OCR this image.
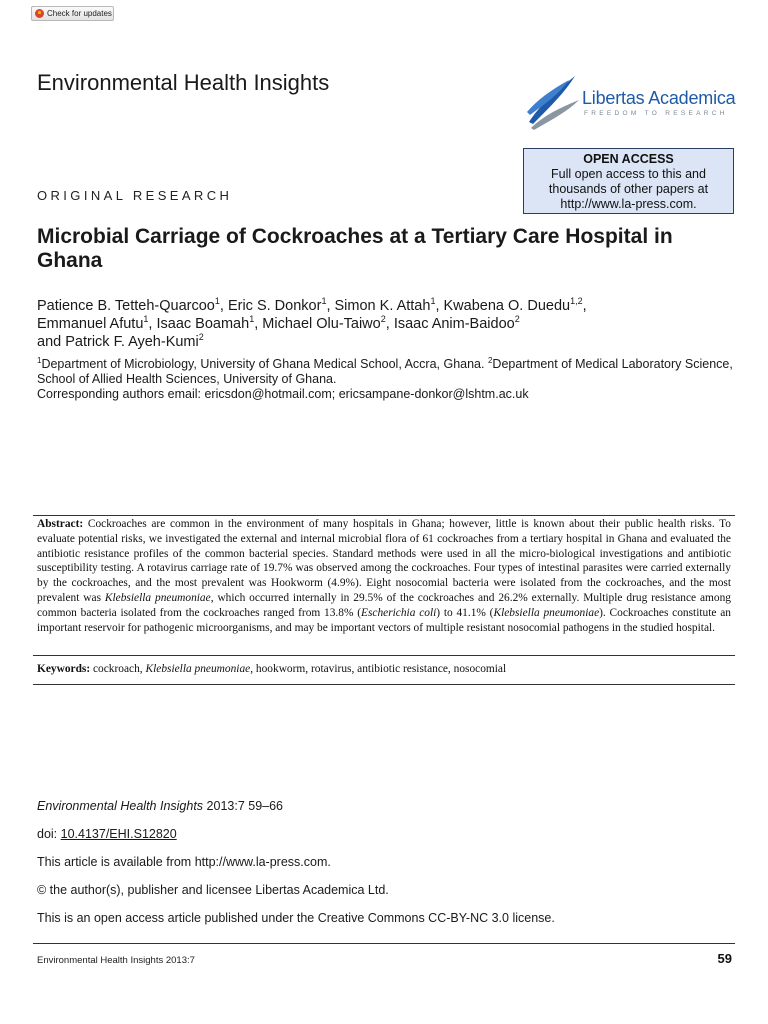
Check for updates
Environmental Health Insights
Libertas Academica
FREEDOM TO RESEARCH
OPEN ACCESS
Full open access to this and
thousands of other papers at
http://www.la-press.com.
ORIGINAL RESEARCH
Microbial Carriage of Cockroaches at a Tertiary Care Hospital in Ghana
Patience B. Tetteh-Quarcoo$^1$, Eric S. Donkor$^1$, Simon K. Attah$^1$, Kwabena O. Duedu$^{1,2}$,
Emmanuel Afutu$^1$, Isaac Boamah$^1$, Michael Olu-Taiwo$^2$, Isaac Anim-Baidoo$^2$
and Patrick F. Ayeh-Kumi$^2$
$^1$Department of Microbiology, University of Ghana Medical School, Accra, Ghana. $^2$Department of Medical Laboratory Science, School of Allied Health Sciences, University of Ghana.
Corresponding authors email: ericsdon@hotmail.com; ericsampane-donkor@lshtm.ac.uk
Abstract: Cockroaches are common in the environment of many hospitals in Ghana; however, little is known about their public health risks. To evaluate potential risks, we investigated the external and internal microbial flora of 61 cockroaches from a tertiary hospital in Ghana and evaluated the antibiotic resistance profiles of the common bacterial species. Standard methods were used in all the micro-biological investigations and antibiotic susceptibility testing. A rotavirus carriage rate of 19.7% was observed among the cockroaches. Four types of intestinal parasites were carried externally by the cockroaches, and the most prevalent was Hookworm (4.9%). Eight nosocomial bacteria were isolated from the cockroaches, and the most prevalent was Klebsiella pneumoniae, which occurred internally in 29.5% of the cockroaches and 26.2% externally. Multiple drug resistance among common bacteria isolated from the cockroaches ranged from 13.8% (Escherichia coli) to 41.1% (Klebsiella pneumoniae). Cockroaches constitute an important reservoir for pathogenic microorganisms, and may be important vectors of multiple resistant nosocomial pathogens in the studied hospital.
Keywords: cockroach, Klebsiella pneumoniae, hookworm, rotavirus, antibiotic resistance, nosocomial
Environmental Health Insights 2013:7 59–66
doi: 10.4137/EHI.S12820
This article is available from http://www.la-press.com.
© the author(s), publisher and licensee Libertas Academica Ltd.
This is an open access article published under the Creative Commons CC-BY-NC 3.0 license.
Environmental Health Insights 2013:7	59
